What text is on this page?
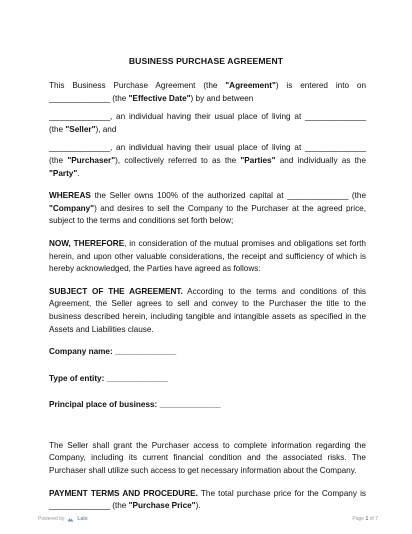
BUSINESS PURCHASE AGREEMENT

This Business Purchase Agreement (the "Agreement") is entered into on ______________ (the "Effective Date") by and between

______________, an individual having their usual place of living at ______________ (the "Seller"), and

______________, an individual having their usual place of living at ______________ (the "Purchaser"), collectively referred to as the "Parties" and individually as the "Party".

WHEREAS the Seller owns 100% of the authorized capital at ______________ (the "Company") and desires to sell the Company to the Purchaser at the agreed price, subject to the terms and conditions set forth below;

NOW, THEREFORE, in consideration of the mutual promises and obligations set forth herein, and upon other valuable considerations, the receipt and sufficiency of which is hereby acknowledged, the Parties have agreed as follows:

SUBJECT OF THE AGREEMENT. According to the terms and conditions of this Agreement, the Seller agrees to sell and convey to the Purchaser the title to the business described herein, including tangible and intangible assets as specified in the Assets and Liabilities clause.

Company name: ______________

Type of entity: ______________

Principal place of business: ______________

The Seller shall grant the Purchaser access to complete information regarding the Company, including its current financial condition and the associated risks. The Purchaser shall utilize such access to get necessary information about the Company.

PAYMENT TERMS AND PROCEDURE. The total purchase price for the Company is ______________ (the "Purchase Price").

Powered by	Lalo	Page 1 of 7
